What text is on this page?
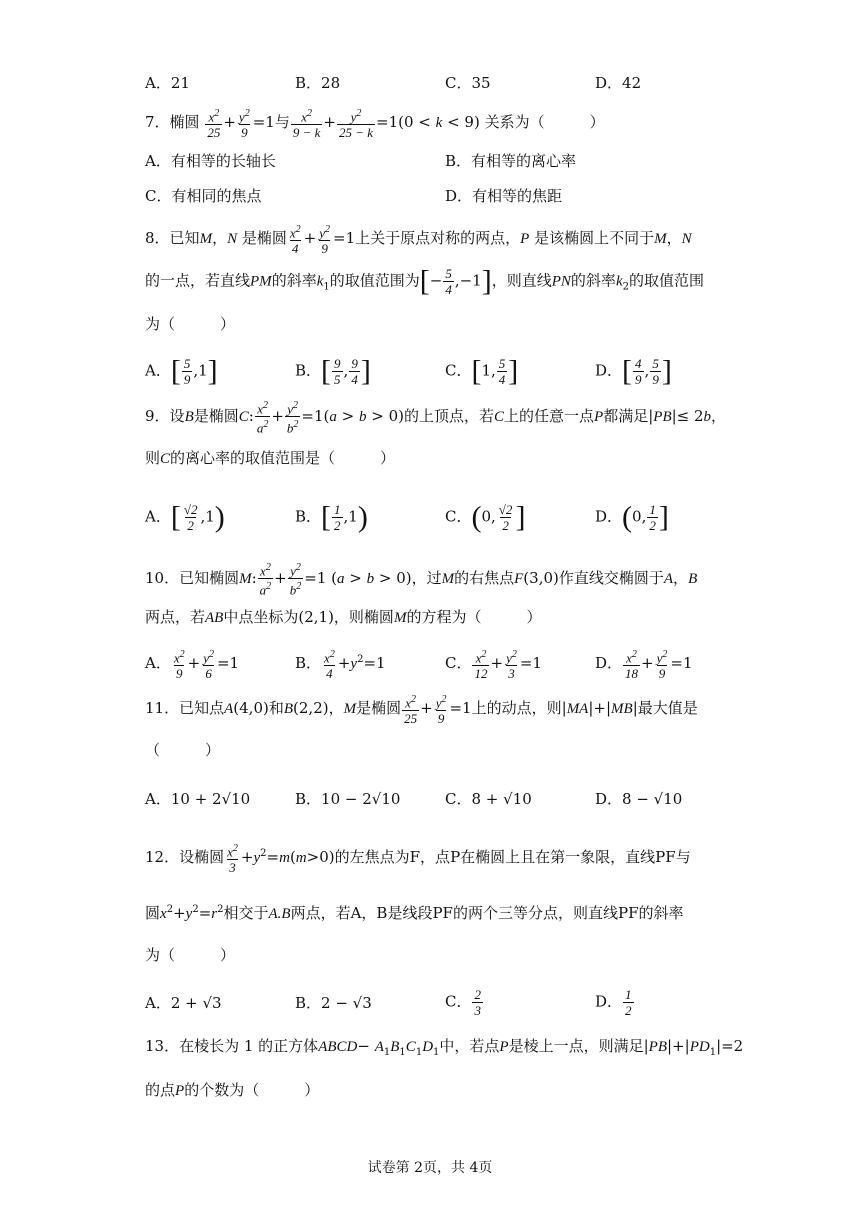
A．21	B．28	C．35	D．42
7．椭圆 $\frac{x^2}{25} + \frac{y^2}{9} =1$与 $\frac{x^2}{9 - k} + \frac{y^2}{25 - k} =1(0 < k < 9)$ 关系为（　　　）
A．有相等的长轴长	B．有相等的离心率
C．有相同的焦点	D．有相等的焦距
8．已知M，N 是椭圆 $\frac{x^2}{4} + \frac{y^2}{9} =1$上关于原点对称的两点，P 是该椭圆上不同于M，N
的一点，若直线PM的斜率$k_1$的取值范围为[− $\frac{5}{4} ,-1$]，则直线PN的斜率$k_2$的取值范围
为（　　　）
A．[ $\frac{5}{9} ,1$]	B．[ $\frac{9}{5}$ , $\frac{9}{4}$ ]	C．[1, $\frac{5}{4}$ ]	D．[ $\frac{4}{9}$ , $\frac{5}{9}$ ]
9．设B是椭圆C: $\frac{x^2}{a^2} + \frac{y^2}{b^2} =1(a > b > 0)$的上顶点，若C上的任意一点P都满足|PB|≤ 2b，
则C的离心率的取值范围是（　　　）
A．[ $\frac{√2}{2} ,1$)	B．[ $\frac{1}{2} ,1$)	C．(0, $\frac{√2}{2}$ ]	D．(0, $\frac{1}{2}$ ]
10．已知椭圆M: $\frac{x^2}{a^2} + \frac{y^2}{b^2} =1$ (a > b > 0)，过M的右焦点F(3,0)作直线交椭圆于A，B
两点，若AB中点坐标为(2,1)，则椭圆M的方程为（　　　）
A． $\frac{x^2}{9} + \frac{y^2}{6} =1$	B． $\frac{x^2}{4} +y^2=1$	C． $\frac{x^2}{12} + \frac{y^2}{3} =1$	D． $\frac{x^2}{18} + \frac{y^2}{9} =1$
11．已知点A(4,0)和B(2,2)，M是椭圆 $\frac{x^2}{25} + \frac{y^2}{9} =1$上的动点，则|MA|+|MB|最大值是
（　　　）
A．10 + 2√10	B．10 − 2√10	C．8 + √10	D．8 − √10
12．设椭圆 $\frac{x^2}{3} +y^2=m(m>0)$的左焦点为F，点P在椭圆上且在第一象限，直线PF与
圆$x^2+y^2=r^2$相交于A.B两点，若A，B是线段PF的两个三等分点，则直线PF的斜率
为（　　　）
A．2 + √3	B．2 − √3	C． $\frac{2}{3}$	D． $\frac{1}{2}$
13．在棱长为 1 的正方体ABCD− $A_1B_1C_1D_1$中，若点P是棱上一点，则满足$|PB|+|PD_1|=2$
的点P的个数为（　　　）
试卷第 2页，共 4页
